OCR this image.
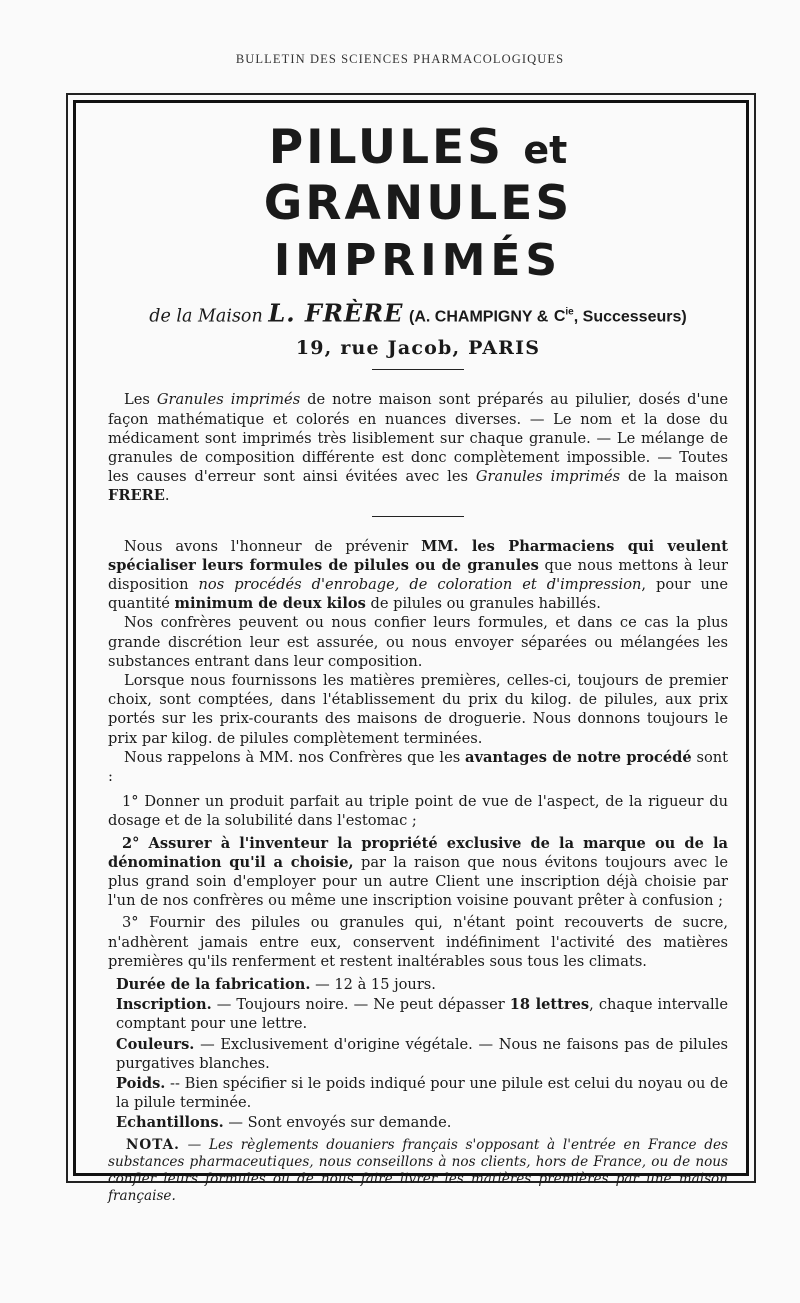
BULLETIN DES SCIENCES PHARMACOLOGIQUES
PILULES et GRANULES
IMPRIMÉS
de la Maison L. FRÈRE (A. CHAMPIGNY & $C^{ie}$, Successeurs)
19, rue Jacob, PARIS

Les Granules imprimés de notre maison sont préparés au pilulier, dosés d'une façon mathématique et colorés en nuances diverses. — Le nom et la dose du médicament sont imprimés très lisiblement sur chaque granule. — Le mélange de granules de composition différente est donc complètement impossible. — Toutes les causes d'erreur sont ainsi évitées avec les Granules imprimés de la maison FRERE.

Nous avons l'honneur de prévenir MM. les Pharmaciens qui veulent spécialiser leurs formules de pilules ou de granules que nous mettons à leur disposition nos procédés d'enrobage, de coloration et d'impression, pour une quantité minimum de deux kilos de pilules ou granules habillés.

Nos confrères peuvent ou nous confier leurs formules, et dans ce cas la plus grande discrétion leur est assurée, ou nous envoyer séparées ou mélangées les substances entrant dans leur composition.

Lorsque nous fournissons les matières premières, celles-ci, toujours de premier choix, sont comptées, dans l'établissement du prix du kilog. de pilules, aux prix portés sur les prix-courants des maisons de droguerie. Nous donnons toujours le prix par kilog. de pilules complètement terminées.

Nous rappelons à MM. nos Confrères que les avantages de notre procédé sont :

1° Donner un produit parfait au triple point de vue de l'aspect, de la rigueur du dosage et de la solubilité dans l'estomac ;

2° Assurer à l'inventeur la propriété exclusive de la marque ou de la dénomination qu'il a choisie, par la raison que nous évitons toujours avec le plus grand soin d'employer pour un autre Client une inscription déjà choisie par l'un de nos confrères ou même une inscription voisine pouvant prêter à confusion ;

3° Fournir des pilules ou granules qui, n'étant point recouverts de sucre, n'adhèrent jamais entre eux, conservent indéfiniment l'activité des matières premières qu'ils renferment et restent inaltérables sous tous les climats.

Durée de la fabrication. — 12 à 15 jours.

Inscription. — Toujours noire. — Ne peut dépasser 18 lettres, chaque intervalle comptant pour une lettre.

Couleurs. — Exclusivement d'origine végétale. — Nous ne faisons pas de pilules purgatives blanches.

Poids. -- Bien spécifier si le poids indiqué pour une pilule est celui du noyau ou de la pilule terminée.

Echantillons. — Sont envoyés sur demande.

NOTA. — Les règlements douaniers français s'opposant à l'entrée en France des substances pharmaceutiques, nous conseillons à nos clients, hors de France, ou de nous confier leurs formules ou de nous faire livrer les matières premières par une maison française.
